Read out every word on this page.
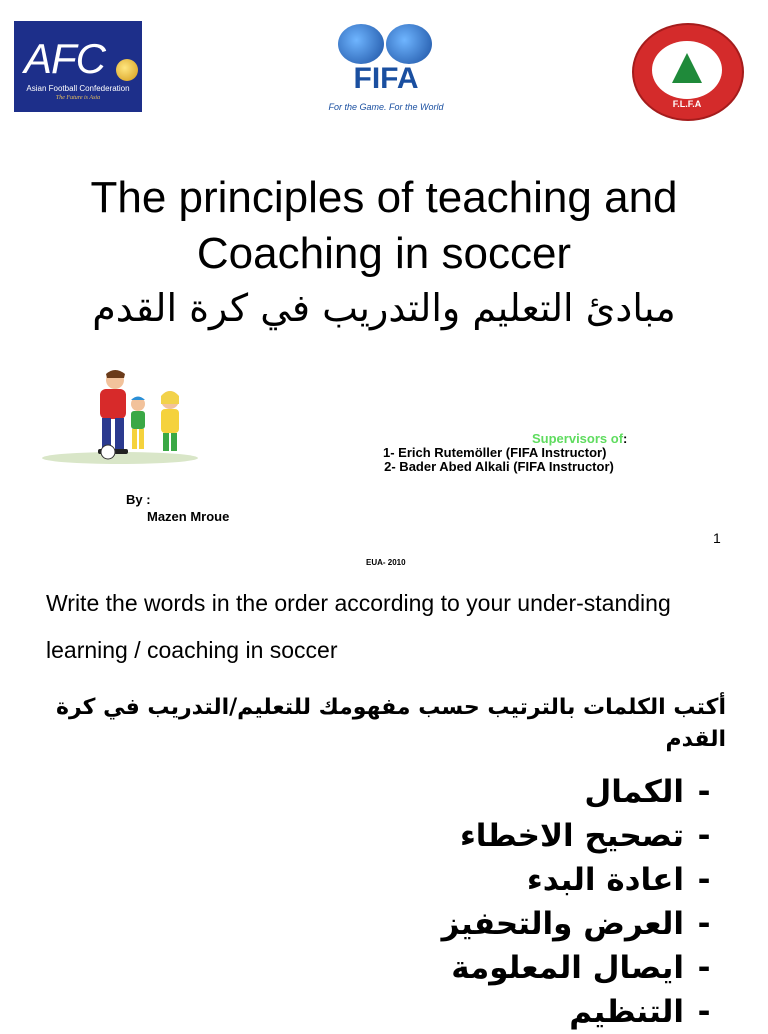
AFC
Asian Football Confederation
The Future is Asia
FIFA
For the Game. For the World	F.L.F.A
The principles of teaching and Coaching in soccer
مبادئ التعليم والتدريب في كرة القدم
Supervisors of:
1- Erich Rutemöller (FIFA Instructor)
2- Bader Abed Alkali (FIFA Instructor)
By :
Mazen Mroue
1
EUA- 2010
Write the words in the order according to your under-standing learning / coaching in soccer
أكتب الكلمات بالترتيب حسب مفهومك للتعليم/التدريب في كرة القدم
-الكمال
-تصحيح الاخطاء
-اعادة البدء
-العرض والتحفيز
-ايصال المعلومة
-التنظيم
